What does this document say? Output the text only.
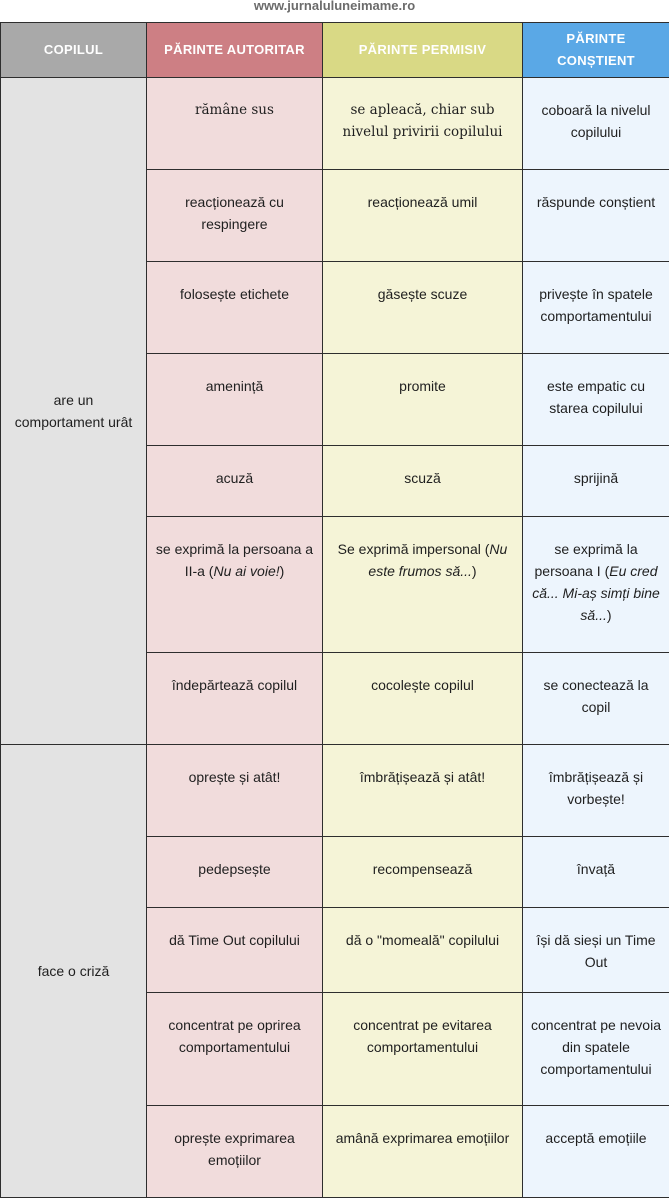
www.jurnaluluneimame.ro
COPILUL	PĂRINTE AUTORITAR	PĂRINTE PERMISIV	PĂRINTE CONȘTIENT
are un comportament urât	rămâne sus	se apleacă, chiar sub nivelul privirii copilului	coboară la nivelul copilului

	reacționează cu respingere	reacționează umil	răspunde conștient

	folosește etichete	găsește scuze	privește în spatele comportamentului

	amenință	promite	este empatic cu starea copilului

	acuză	scuză	sprijină

	se exprimă la persoana a II-a (Nu ai voie!)	Se exprimă impersonal (Nu este frumos să...)	se exprimă la persoana I (Eu cred că... Mi-aș simți bine să...)

	îndepărtează copilul	cocolește copilul	se conectează la copil

face o criză	oprește și atât!	îmbrățișează și atât!	îmbrățișează și vorbește!

	pedepsește	recompensează	învață

	dă Time Out copilului	dă o "momeală" copilului	își dă sieși un Time Out

	concentrat pe oprirea comportamentului	concentrat pe evitarea comportamentului	concentrat pe nevoia din spatele comportamentului

	oprește exprimarea emoțiilor	amână exprimarea emoțiilor	acceptă emoțiile
